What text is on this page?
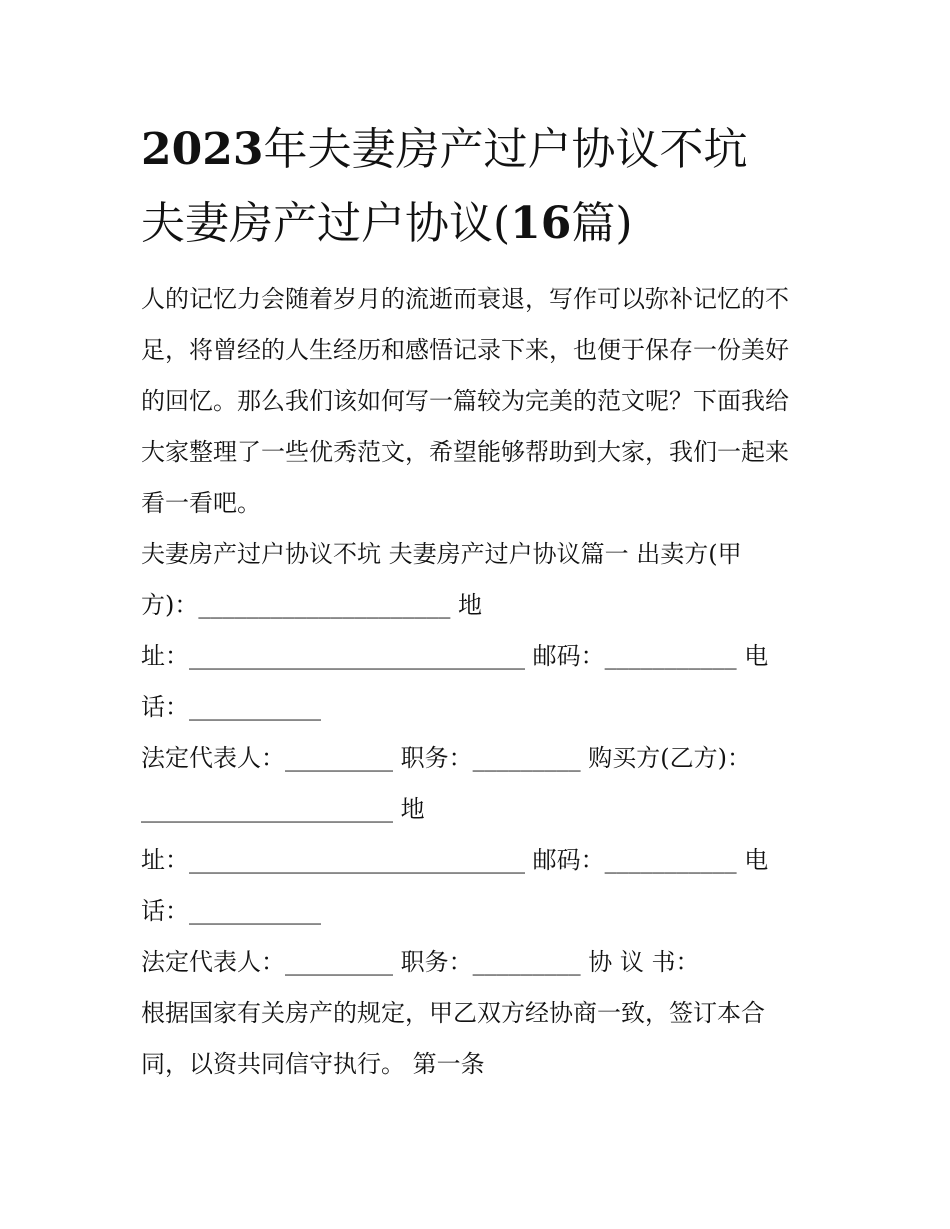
2023年夫妻房产过户协议不坑
夫妻房产过户协议(16篇)
人的记忆力会随着岁月的流逝而衰退，写作可以弥补记忆的不
足，将曾经的人生经历和感悟记录下来，也便于保存一份美好
的回忆。那么我们该如何写一篇较为完美的范文呢？下面我给
大家整理了一些优秀范文，希望能够帮助到大家，我们一起来
看一看吧。
夫妻房产过户协议不坑 夫妻房产过户协议篇一 出卖方(甲
方)：_____________________ 地
址：____________________________ 邮码：___________ 电
话：___________
法定代表人：_________ 职务：_________ 购买方(乙方)：
_____________________ 地
址：____________________________ 邮码：___________ 电
话：___________
法定代表人：_________ 职务：_________ 协 议 书：
根据国家有关房产的规定，甲乙双方经协商一致，签订本合
同，以资共同信守执行。 第一条
